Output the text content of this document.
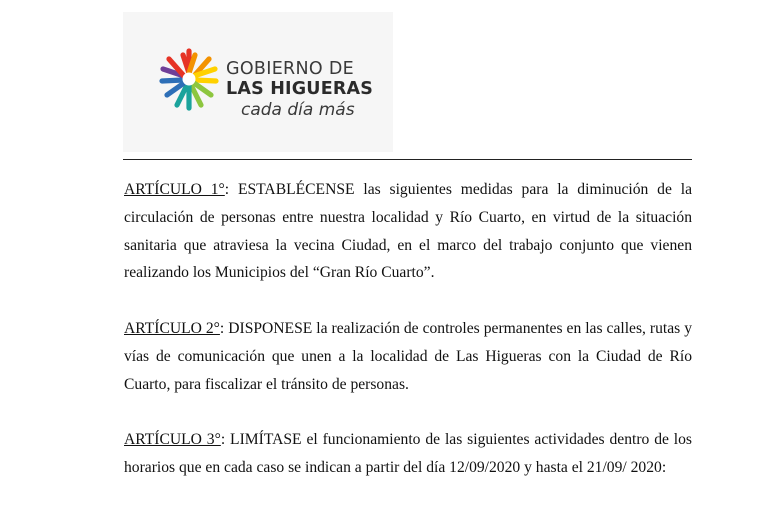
GOBIERNO DE
LAS HIGUERAS
cada día más

ARTÍCULO 1°: ESTABLÉCENSE las siguientes medidas para la diminución de la circulación de personas entre nuestra localidad y Río Cuarto, en virtud de la situación sanitaria que atraviesa la vecina Ciudad, en el marco del trabajo conjunto que vienen realizando los Municipios del “Gran Río Cuarto”.

ARTÍCULO 2°: DISPONESE la realización de controles permanentes en las calles, rutas y vías de comunicación que unen a la localidad de Las Higueras con la Ciudad de Río Cuarto, para fiscalizar el tránsito de personas.

ARTÍCULO 3°: LIMÍTASE el funcionamiento de las siguientes actividades dentro de los horarios que en cada caso se indican a partir del día 12/09/2020 y hasta el 21/09/ 2020:
